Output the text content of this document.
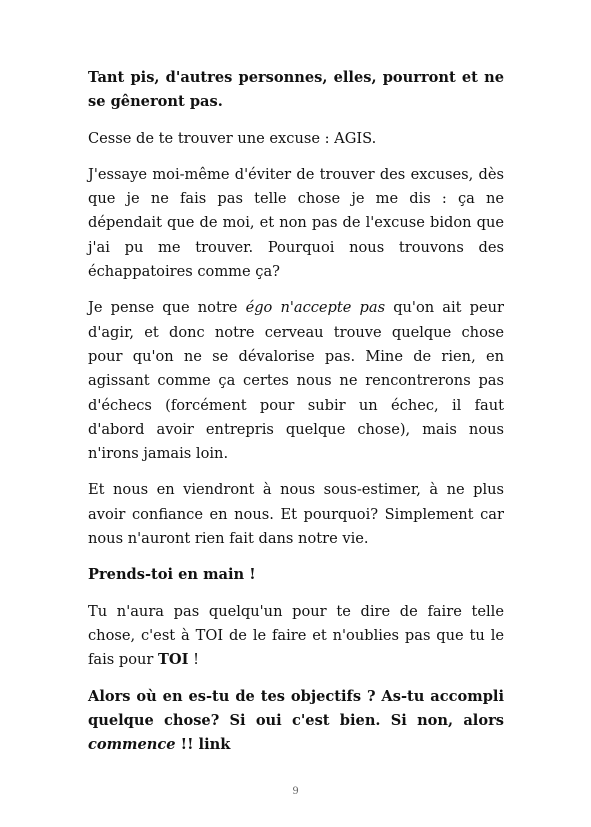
Tant pis, d'autres personnes, elles, pourront et ne se gêneront pas.

Cesse de te trouver une excuse : AGIS.

J'essaye moi-même d'éviter de trouver des excuses, dès que je ne fais pas telle chose je me dis : ça ne dépendait que de moi, et non pas de l'excuse bidon que j'ai pu me trouver. Pourquoi nous trouvons des échappatoires comme ça?

Je pense que notre égo n'accepte pas qu'on ait peur d'agir, et donc notre cerveau trouve quelque chose pour qu'on ne se dévalorise pas. Mine de rien, en agissant comme ça certes nous ne rencontrerons pas d'échecs (forcément pour subir un échec, il faut d'abord avoir entrepris quelque chose), mais nous n'irons jamais loin.

Et nous en viendront à nous sous-estimer, à ne plus avoir confiance en nous. Et pourquoi? Simplement car nous n'auront rien fait dans notre vie.

Prends-toi en main !

Tu n'aura pas quelqu'un pour te dire de faire telle chose, c'est à TOI de le faire et n'oublies pas que tu le fais pour TOI !

Alors où en es-tu de tes objectifs ? As-tu accompli quelque chose? Si oui c'est bien. Si non, alors commence !! link

9
